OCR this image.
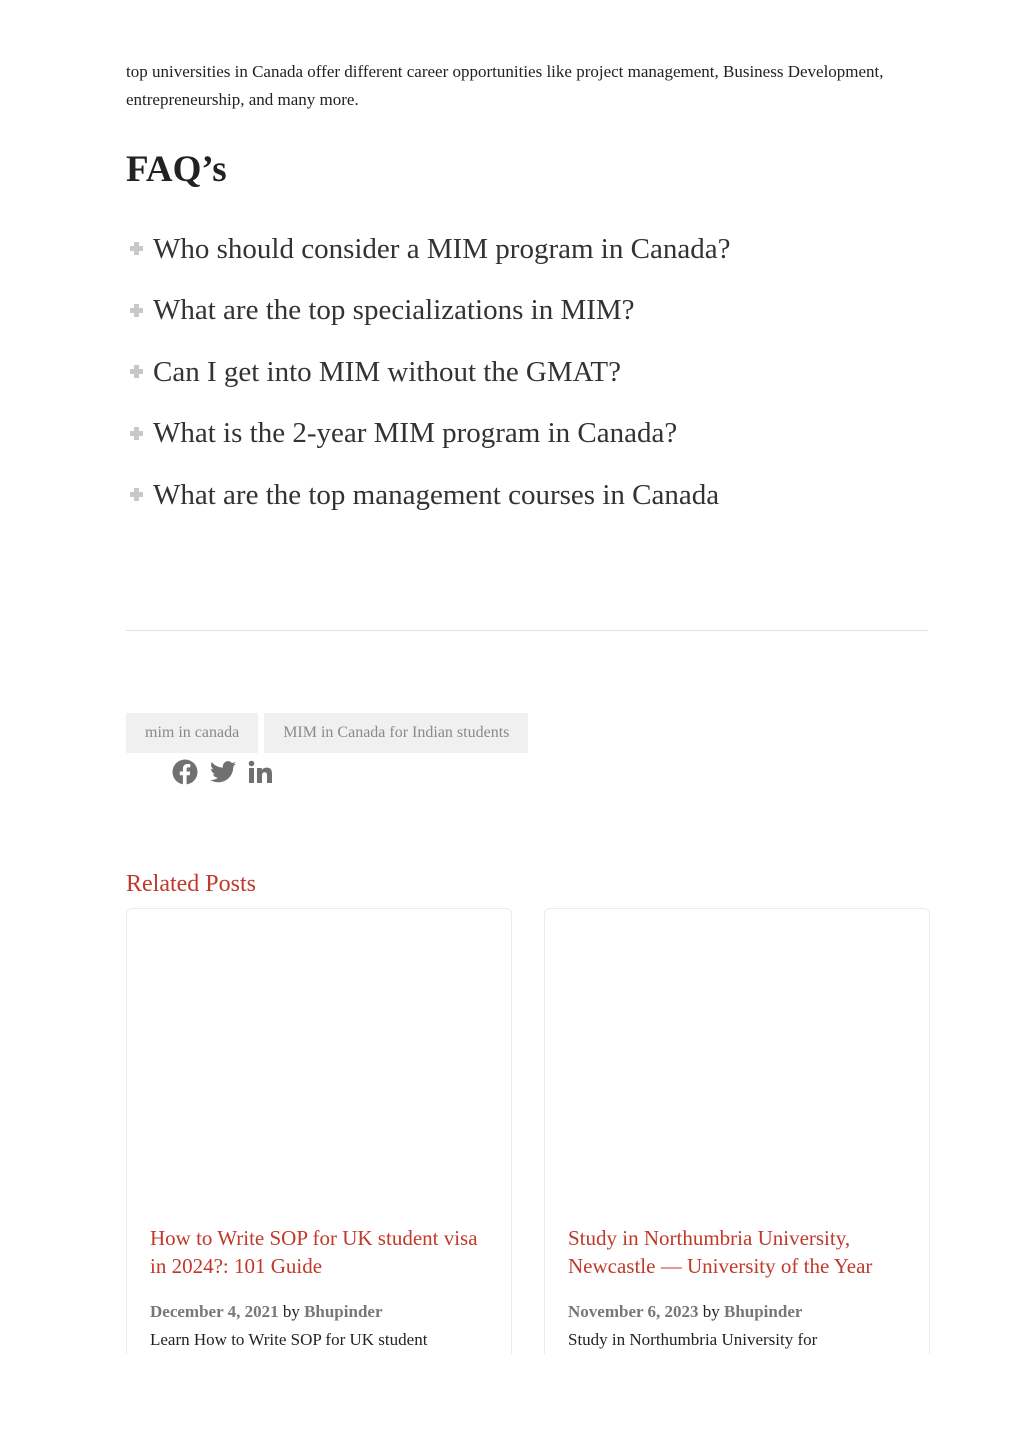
top universities in Canada offer different career opportunities like project management, Business Development, entrepreneurship, and many more.

FAQ’s
Who should consider a MIM program in Canada?
What are the top specializations in MIM?
Can I get into MIM without the GMAT?
What is the 2-year MIM program in Canada?
What are the top management courses in Canada
mim in canada	MIM in Canada for Indian students
Related Posts
How to Write SOP for UK student visa in 2024?: 101 Guide
December 4, 2021 by Bhupinder
Learn How to Write SOP for UK student
Study in Northumbria University, Newcastle — University of the Year
November 6, 2023 by Bhupinder
Study in Northumbria University for
